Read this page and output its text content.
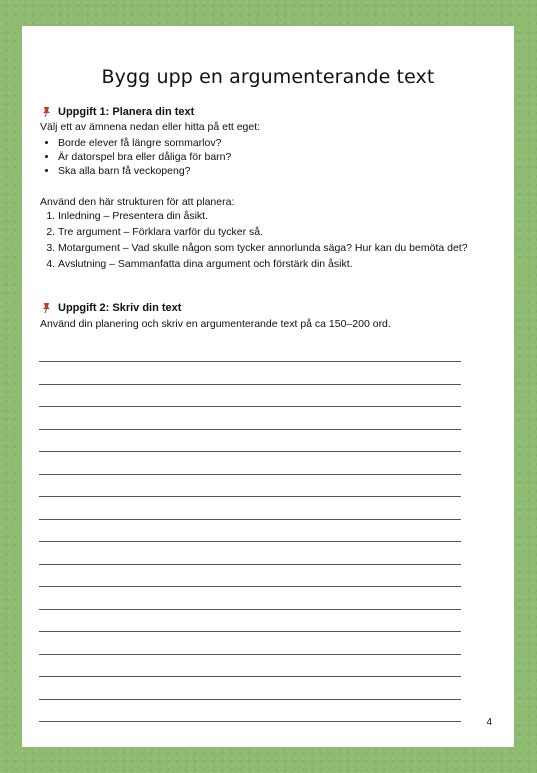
Bygg upp en argumenterande text
Uppgift 1: Planera din text
Välj ett av ämnena nedan eller hitta på ett eget:
• Borde elever få längre sommarlov?
• Är datorspel bra eller dåliga för barn?
• Ska alla barn få veckopeng?
Använd den här strukturen för att planera:
1. Inledning – Presentera din åsikt.
2. Tre argument – Förklara varför du tycker så.
3. Motargument – Vad skulle någon som tycker annorlunda säga? Hur kan du bemöta det?
4. Avslutning – Sammanfatta dina argument och förstärk din åsikt.
Uppgift 2: Skriv din text
Använd din planering och skriv en argumenterande text på ca 150–200 ord.
4
